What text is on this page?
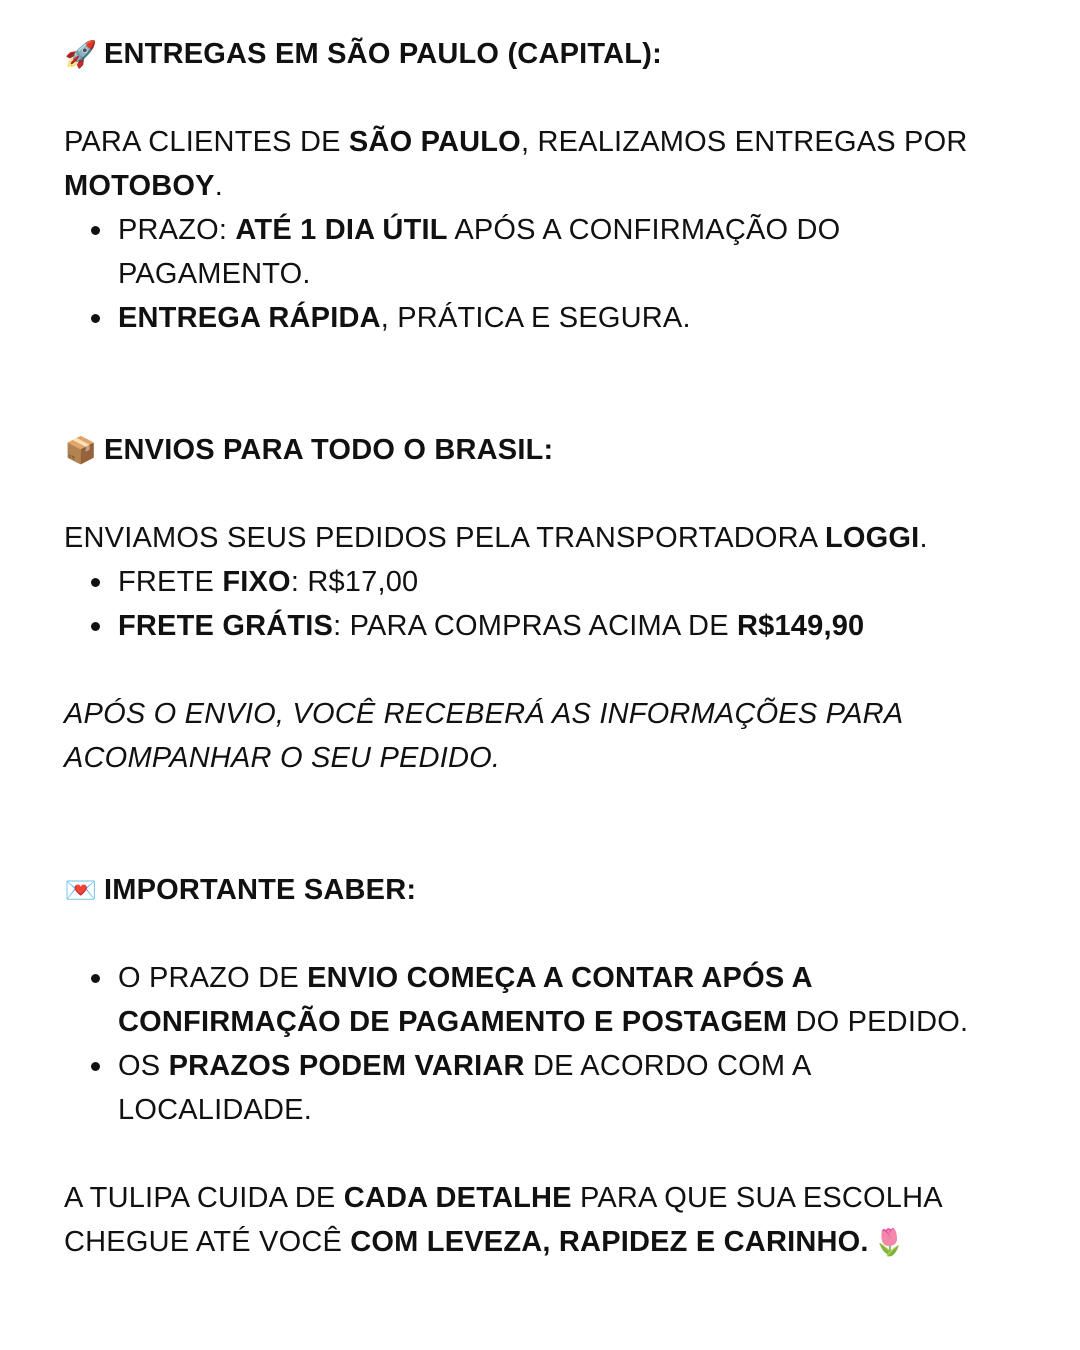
🚀 ENTREGAS EM SÃO PAULO (CAPITAL):
PARA CLIENTES DE SÃO PAULO, REALIZAMOS ENTREGAS POR
MOTOBOY.
PRAZO: ATÉ 1 DIA ÚTIL APÓS A CONFIRMAÇÃO DO
PAGAMENTO.
ENTREGA RÁPIDA, PRÁTICA E SEGURA.
📦 ENVIOS PARA TODO O BRASIL:
ENVIAMOS SEUS PEDIDOS PELA TRANSPORTADORA LOGGI.
FRETE FIXO: R$17,00
FRETE GRÁTIS: PARA COMPRAS ACIMA DE R$149,90
APÓS O ENVIO, VOCÊ RECEBERÁ AS INFORMAÇÕES PARA
ACOMPANHAR O SEU PEDIDO.
💌 IMPORTANTE SABER:
O PRAZO DE ENVIO COMEÇA A CONTAR APÓS A
CONFIRMAÇÃO DE PAGAMENTO E POSTAGEM DO PEDIDO.
OS PRAZOS PODEM VARIAR DE ACORDO COM A
LOCALIDADE.
A TULIPA CUIDA DE CADA DETALHE PARA QUE SUA ESCOLHA
CHEGUE ATÉ VOCÊ COM LEVEZA, RAPIDEZ E CARINHO. 🌷
